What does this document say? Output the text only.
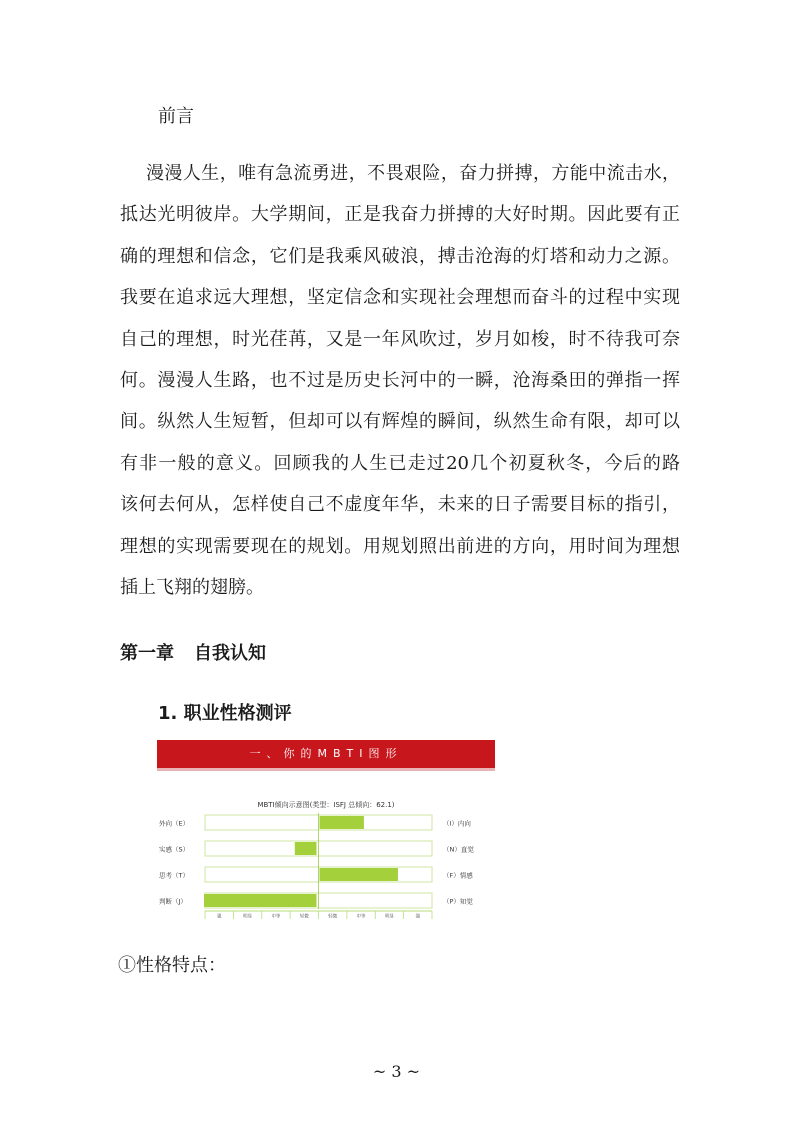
前言
漫漫人生，唯有急流勇进，不畏艰险，奋力拼搏，方能中流击水，
抵达光明彼岸。大学期间，正是我奋力拼搏的大好时期。因此要有正
确的理想和信念，它们是我乘风破浪，搏击沧海的灯塔和动力之源。
我要在追求远大理想，坚定信念和实现社会理想而奋斗的过程中实现
自己的理想，时光荏苒，又是一年风吹过，岁月如梭，时不待我可奈
何。漫漫人生路，也不过是历史长河中的一瞬，沧海桑田的弹指一挥
间。纵然人生短暂，但却可以有辉煌的瞬间，纵然生命有限，却可以
有非一般的意义。回顾我的人生已走过20几个初夏秋冬，今后的路
该何去何从，怎样使自己不虚度年华，未来的日子需要目标的指引，
理想的实现需要现在的规划。用规划照出前进的方向，用时间为理想
插上飞翔的翅膀。
第一章 自我认知
1. 职业性格测评
一、你的MBTI图形
MBTI倾向示意图(类型：ISFJ 总倾向：62.1)
外向（E）	（I）内向
实感（S）	（N）直觉
思考（T）	（F）情感
判断（J）	（P）知觉
强	明显	中等	轻微	轻微	中等	明显	强
①性格特点：
~ 3 ~
